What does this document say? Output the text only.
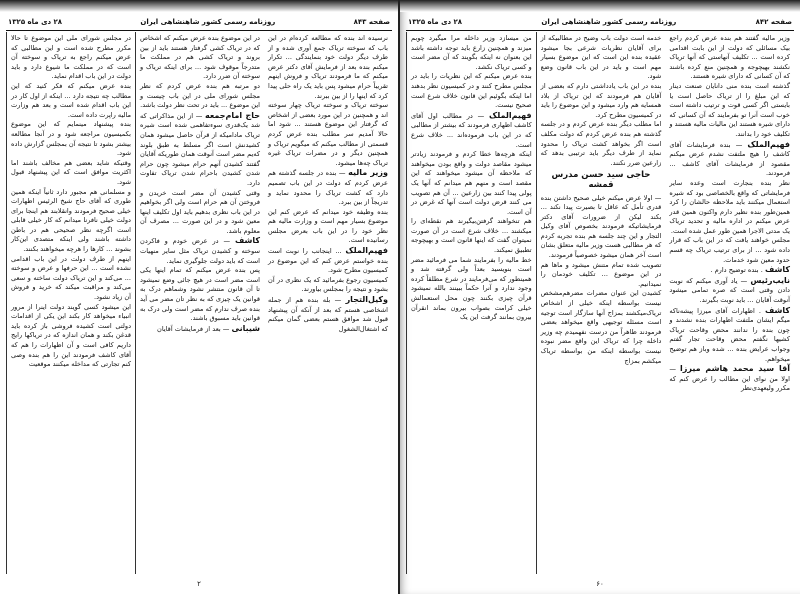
صفحه ۸۴۳
روزنامه رسمی کشور شاهنشاهی ایران
۲۸ دی ماه ۱۳۲۵

نرسیده اند بنده که مطالعه کرده‌ام در این باب که سوخته تریاک جمع آوری شده و از طرف دیگر دولت خود بنمایندگی ... تکرار میکنم بنده بعد از فرمایش آقای دکتر عرض میکنم که ما فرمودند تریاک و فروش اینهم تقریباً حرام میشود پس باید یک راه حلی پیدا کرد که اینها را از بین ببرند.

سوخته تریاک و سوخته تریاک چهار سوخته اند و همچنین در این مورد بعضی از اشخاص که گرفتار این موضوع هستند ... شود اما حالا آمدیم سر مطلب بنده عرض کردم قسمتی از مطالب میکنم که میگویم تریاک و همچنین دیگر و در مضرات تریاک غیره تریاک چه‌ها میشود.

وزیر مالیه — بنده در جلسه گذشته هم عرض کردم که دولت در این باب تصمیم دارد که کشت تریاک را محدود نماید و تدریجاً از بین ببرد.

بنده وظیفه خود میدانم که عرض کنم این موضوع بسیار مهم است و وزارت مالیه هم نظر خود را در این باب بعرض مجلس رسانیده است.

فهیم‌الملک ... اینجانب را نوبت است بنده خواستم عرض کنم که این موضوع در کمیسیون مطرح شود.

کمیسیون رجوع بفرمائید که یک نظری در آن بشود و نتیجه را بمجلس بیاورند.

وکیل‌التجار — بله بنده هم از جمله اشخاصی هستم که بعد از آنکه آن پیشنهاد قبول شد موافق هستم بعضی گمان میکنم که اشتغال‌الشغول

در این موضوع بنده عرض میکنم که اشخاص که در تریاک کشی گرفتار هستند باید از بین بروند و تریاک کشی هم در مملکت ما متدرجاً موقوف شود ... برای اینکه تریاک و سوخته آن ضرر دارد.

دو مرتبه هم بنده عرض کردم که نظر مجلس شورای ملی در این باب چیست و این موضوع ... باید در تحت نظر دولت باشد.

حاج امام‌جمعه — از این مذاکراتی که شد یک‌قدری سوءتفاهمی شده است شیره تریاک مادامیکه از قرآن حاصل میشود همان کشیدنش است اگر مسلط به طبق بلوند که‌یم مضر است آنوقت همان طوریکه آقایان گفتند کشیدن آنهم حرام میشود چون حرام شدن کشیدن باحرام شدن تریاک تفاوت دارد.

وقتی کشیدن آن مضر است خریدن و فروختن آن هم حرام است ولی اگر بخواهیم در این باب نظری بدهیم باید اول تکلیف اینها معین شود و در این صورت ... مصرف آن معلوم باشد.

کاشف — در عرض خودم و فاکردن سوخته و کشیدن تریاک مثل سایر منهیات است که باید دولت جلوگیری نماید.

پس بنده عرض میکنم که تمام اینها یکی است مضر است در هیچ جائی وضع نمیشود تا آن قانون منتشر نشود وشماهم درک به قوانین یک چیزی که به نظر تان مضر می آید بنده صرف ندارم که مضر است ولی درک به قوانین باید مسبوق باشند.

شیبانی — بعد از فرمایشات آقایان

در مجلس شورای ملی این موضوع تا حالا مکرر مطرح شده است و این مطالبی که عرض میکنم راجع به تریاک و سوخته آن است که در مملکت ما شیوع دارد و باید دولت در این باب اقدام نماید.

بنده عرض میکنم که فکر کنید که این مطالب چه نتیجه دارد ... اینکه از اول کار در این باب اقدام شده است و بعد هم وزارت مالیه راپرت داده است.

بنده پیشنهاد مینمایم که این موضوع بکمیسیون مراجعه شود و در آنجا مطالعه بیشتر بشود تا نتیجه آن بمجلس گزارش داده شود.

وقتیکه شاید بعضی هم مخالف باشند اما اکثریت موافق است که این پیشنهاد قبول شود.

و مسلمانی هم مجبور دارد ثانیاً اینکه همین طوری که آقای حاج شیخ الرئیس اظهارات خیلی صحیح فرمودند وانقلابند هم اینجا برای دولت خیلی نافرنا میدانم که کار خیلی قابلی است اگرچه نظر صحیحی هم در باطن داشته باشند ولی اینکه متصدی این‌کار بشوند ... کارها را هرچه میخواهند بکنند.

اینهم از طرف دولت در این باب اقدامی نشده است ... این حرفها و عرض و سوخته ... می‌کند و این تریاک دولت ساخته و سعی می‌کند و مراقبت میکند که خرید و فروش آن زیاد نشود.

این میشود کسی گویند دولت اینرا از مرور انبیاء میخواهد کار بکند این یکی از اقدامات دولتی است کشیده فروشی باز کرده باید قدغن بکند و همان اندازه که در تریاکها رایج داریم کافی است و آن اظهارات را هم که آقای کاشف فرمودند این را هم بنده وصی کنم تجارتی که مداخله میکنند موقعیت

۲
صفحه ۸۴۲
روزنامه رسمی کشور شاهنشاهی ایران
۲۸ دی ماه ۱۳۲۵

وزیر مالیه گفتند هم بنده عرض کردم راجع بیک مسائلی که دولت از این بابت اقدامی کرده است ... تکلیف آنهاستی که آنها تریاک نکشند بهیچوجه و همچنین منع کرده باشند که آن کسانی که دارای شیره هستند.

گذشته است بنده منی دانایان صنعت دینار که این مبلغ را از تریاک حاصل است یا بایستی اگر کسی قوت و ترتیب داشته است خوب است آنرا تو بفرمایند که آن کسانی که دارای شیره هستند این مالیات مالیه هستند و تکلیف خود را بدانند.

فهیم‌الملک — بنده فرمایشات آقای کاشف را هیچ ملتفت نشدم عرض میکنم مقصود از فرمایشات آقای کاشف ... فرمودند.

نظر بنده بنجارت است وعده سایر فرمایشاتی که واقع بالخصاصی بود که شیره استعمال میکنند باید ملاحظه حالشان را کرد همین‌طور بنده نظیر دارم واکنون همین قدر عرض میکنم در اداره مالیه و تحدید تریاک یک مدتی الاجرا همین طور عمل شده است.

مجلس خواهند یافت که در این باب که قرار داده شود ... از برای ترتیب تریاک چه قسم حدود معین شود خدمات.

کاشف . بنده توضیح دارم .

نایب‌رئیس — یاد آوری میکنم که نوبت دادن وقتی است که صره تمامی میشود آنوقت آقایان ... باید نوبت بگیرند.

کاشف . اظهارات آقای میرزا پیشه‌ناکه میگم ایشان ملتفت اظهارات بنده نشدند و چون بنده را ندانند محض وقاحت تریاک کشیها نگفتم محض وقاحت تجار گفتم وجواب عرایض بنده ... شده وباز هم توضیح میخواهم.

آقا سید محمد هاشم میرزا — اولا من نوای این مطالب را عرض کنم که مکرر ولیعهدی‌نظر

خدمه است دولت باب وضیح در مطالبیکه از برای آقایان نظریات شرعی بجا میشود عقیده بنده این است که این موضوع بسیار مهم است و باید در این باب قانون وضع شود.

بنده در این باب یادداشتی دارم که بعضی از آقایان هم فرمودند که این تریاک از بلاد همسایه هم وارد میشود و این موضوع را باید در کمیسیون مطرح کرد.

اما مطلب دیگر بنده عرض کردم و در جلسه گذشته هم بنده عرض کردم که دولت مکلف است اگر بخواهد کشت تریاک را محدود نماید از طرف دیگر باید ترتیبی بدهد که زارعین ضرر نکنند.

حاجی سید حسن مدرس قمشه

— اولا عرض میکنم خیلی صحیح داشتن بنده قدری تأمل که عاقل تا بصیرت پیدا نکند ... بکند لیکن از ضرورات آقای دکتر فرمایشاتیکه فرمودند بخصوص آقای وکیل التجار و این چند جلسه هم بنده تجربه کردم که هر مطالبی هست وزیر مالیه متعلق بشان است آخر همان میشود خصوصیاً فرمودند.

تصویب شده تمام متنش میشود و ماها هم در این موضوع ... تکلیف خودمان را نمیدانیم.

کشیدن این عنوان مضرات مضرهم‌مشخص نیست بواسطه اینکه خیلی از اشخاص تریاک‌میکشند بمزاج آنها سازگار است توجیه است مسئله توجیهی واقع میخواهد بعضی فرمودند ظاهراً من درست نفهمیدم چه وزیر داخله چرا که تریاک این واقع مضر نبوده نیست بواسطه اینکه من بواسطه تریاک میکشم بمزاج

من میسازد وزیر داخله مرا میگیرد چوبم میزند و همچنین زارع باید توجه داشته باشد این بعنوان نه اینکه بگویند که آن مضر است و کسی تریاک نکشد.

بنده عرض میکنم که این نظریات را باید در مجلس مطرح کنند و در کمیسیون نظر بدهند اما اینکه بگوئیم این قانون خلاف شرع است صحیح نیست.

فهیم‌الملک — در مطالب اول آقای کاشف اظهاری فرمودند که بیشتر از مطالبی که در این باب فرموده‌اند ... خلاف شرع است.

اینکه هرچه‌ها خطا کردم و فرمودند زیادتر میشود مقاصد دولت و واقع بودن میخواهند که ملاحظه آن میشود میخواهند که این مقصد است و منهم هم میدانم که آنها یک پولی پیدا کنند بین زارعین ... آن هم تصویب می کنند قرض دولت است آنها که غرض در آن است.

هم تنخواهند گرفتن‌بیگیرند هم نقطه‌ای را میکشند ... خلاف شرع است در آن صورت نمیتوان گفت که اینها قانون است و بهیچوجه تطبیق نمیکند.

خط مالیه را بفرمایند شما می فرمائید مضر است بنویسید بعداً ولی گرفته شد و همینطور که می‌فرمایند در شرع مطلقاً کرده وجود ندارد و آنرا حکماً ببینند بالله نمیشود قرآن چیزی بکنند چون محل استعمالش خیلی کرامت بصواب بیرون بماند انقرآن بیرون بمانند گرفت این یک

۶۰
